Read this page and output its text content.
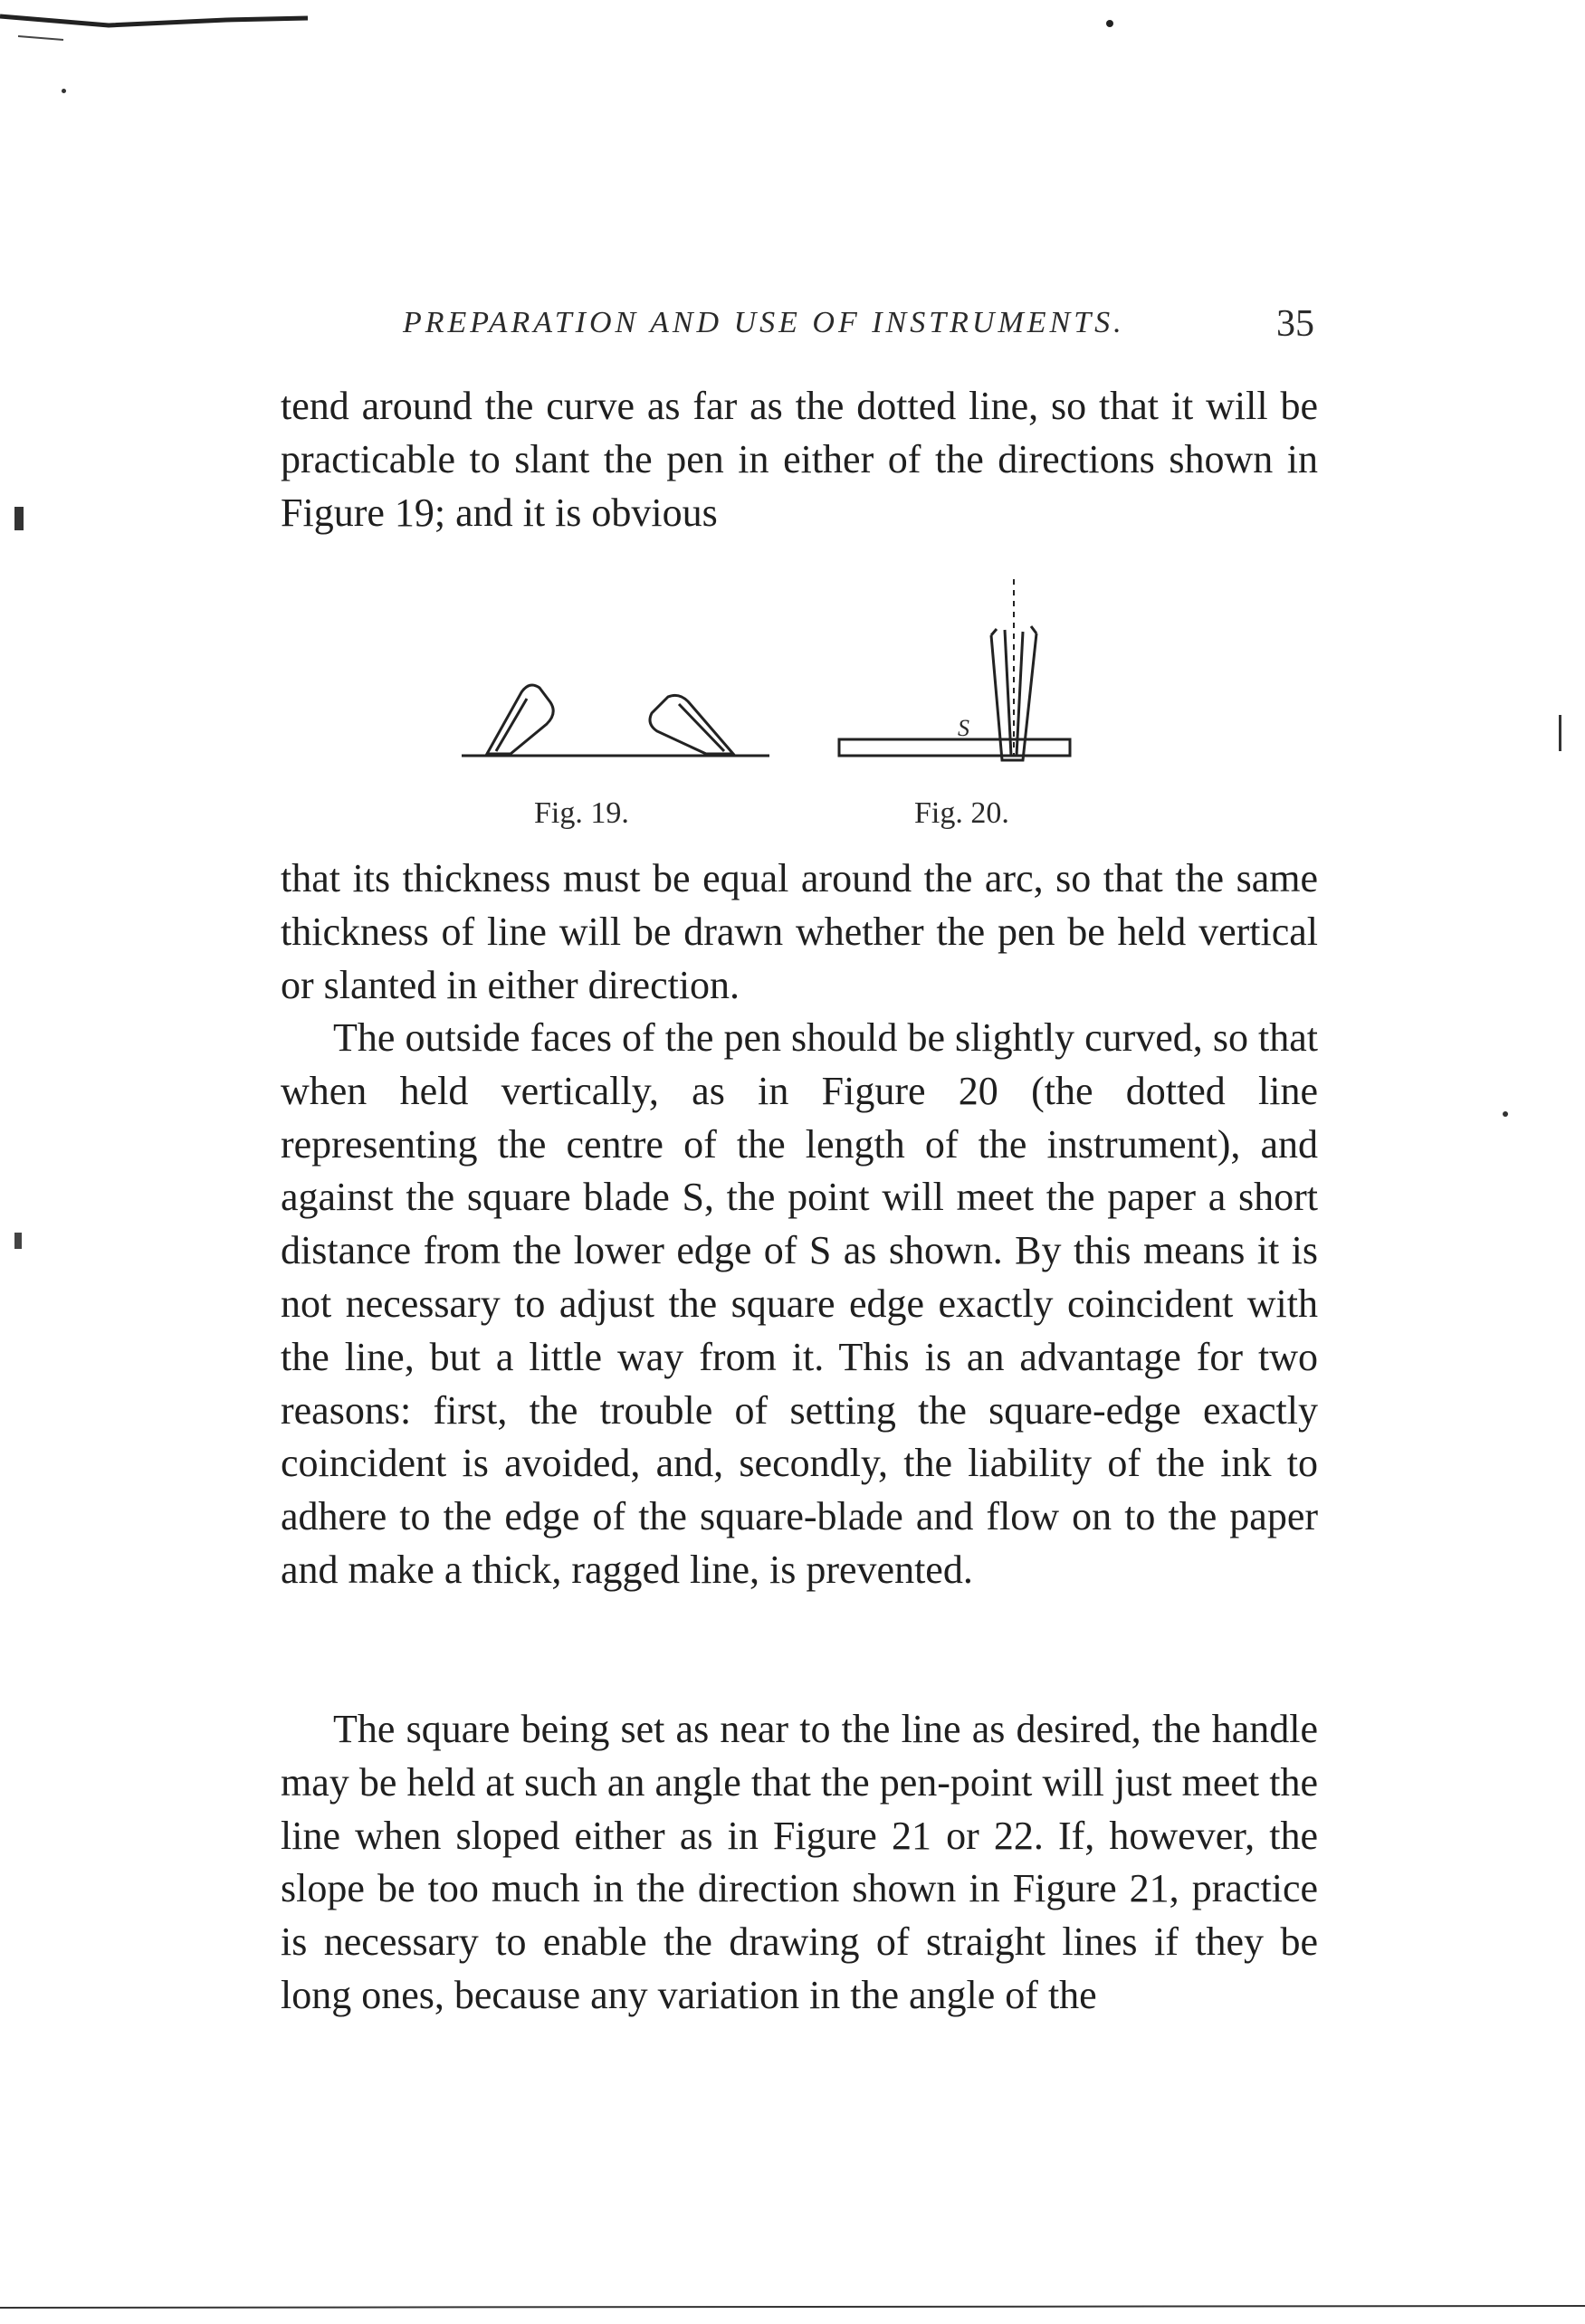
PREPARATION AND USE OF INSTRUMENTS.	35

tend around the curve as far as the dotted line, so that it will be practicable to slant the pen in either of the directions shown in Figure 19; and it is obvious

S
Fig. 19.	Fig. 20.

that its thickness must be equal around the arc, so that the same thickness of line will be drawn whether the pen be held vertical or slanted in either direction.

The outside faces of the pen should be slightly curved, so that when held vertically, as in Figure 20 (the dotted line representing the centre of the length of the instrument), and against the square blade S, the point will meet the paper a short distance from the lower edge of S as shown. By this means it is not necessary to adjust the square edge exactly coincident with the line, but a little way from it. This is an advantage for two reasons: first, the trouble of setting the square-edge exactly coincident is avoided, and, secondly, the liability of the ink to adhere to the edge of the square-blade and flow on to the paper and make a thick, ragged line, is prevented.

The square being set as near to the line as desired, the handle may be held at such an angle that the pen-point will just meet the line when sloped either as in Figure 21 or 22. If, however, the slope be too much in the direction shown in Figure 21, practice is necessary to enable the drawing of straight lines if they be long ones, because any variation in the angle of the
